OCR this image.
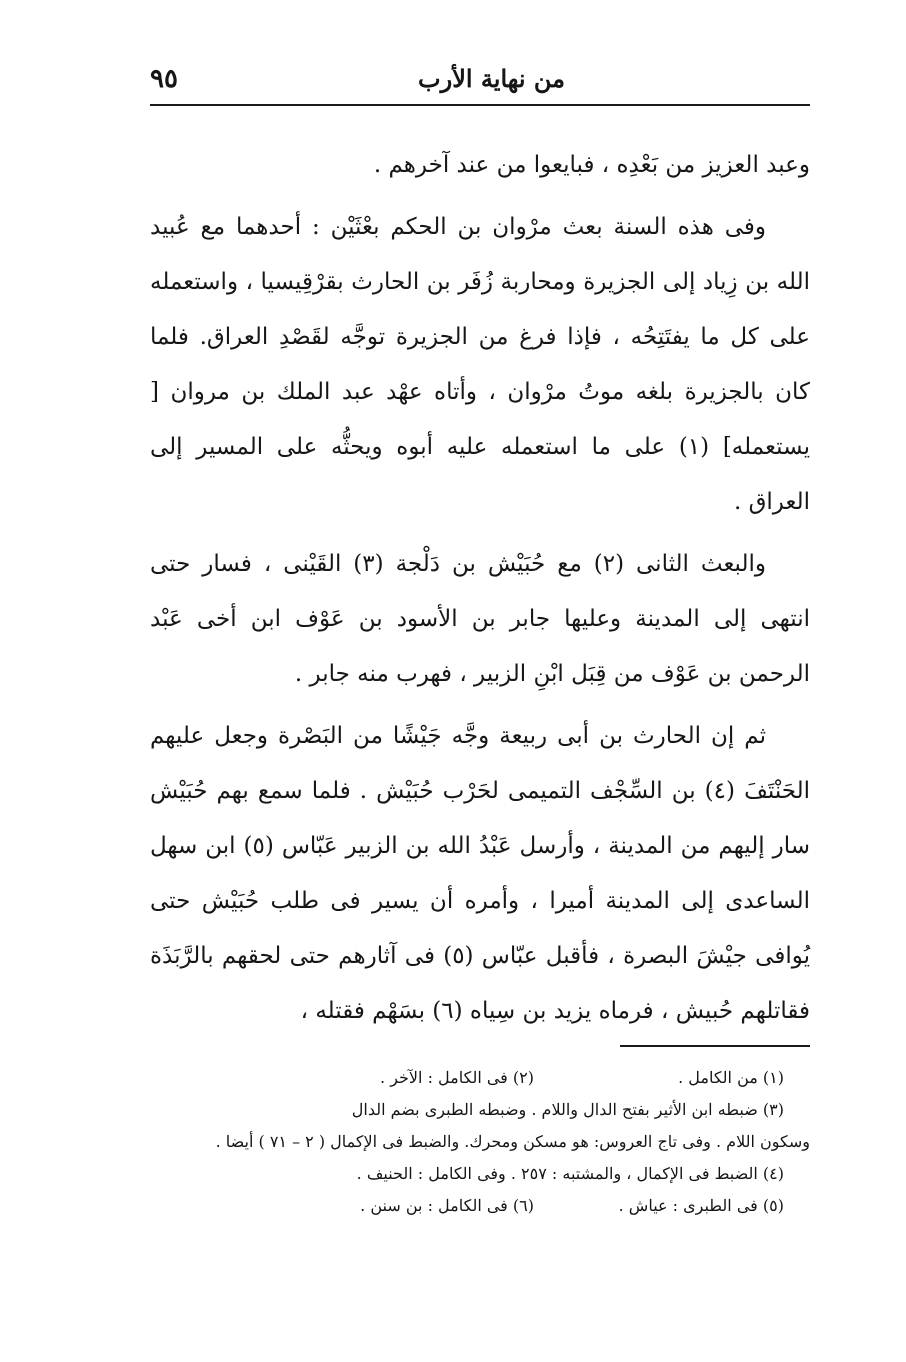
من نهاية الأرب
٩٥

وعبد العزيز من بَعْدِه ، فبايعوا من عند آخرهم .

وفى هذه السنة بعث مرْوان بن الحكم بعْثَيْن : أحدهما مع عُبيد الله بن زِياد إلى الجزيرة ومحاربة زُفَر بن الحارث بقرْقِيسيا ، واستعمله على كل ما يفتَتِحُه ، فإذا فرغ من الجزيرة توجَّه لقَصْدِ العراق. فلما كان بالجزيرة بلغه موتُ مرْوان ، وأتاه عهْد عبد الملك بن مروان [ يستعمله] (١) على ما استعمله عليه أبوه ويحثُّه على المسير إلى العراق .

والبعث الثانى (٢) مع حُبَيْش بن دَلْجة (٣) القَيْنى ، فسار حتى انتهى إلى المدينة وعليها جابر بن الأسود بن عَوْف ابن أخى عَبْد الرحمن بن عَوْف من قِبَل ابْنِ الزبير ، فهرب منه جابر .

ثم إن الحارث بن أبى ربيعة وجَّه جَيْشًا من البَصْرة وجعل عليهم الحَنْتَفَ (٤) بن السِّجْف التميمى لحَرْب حُبَيْش . فلما سمع بهم حُبَيْش سار إليهم من المدينة ، وأرسل عَبْدُ الله بن الزبير عَبّاس (٥) ابن سهل الساعدى إلى المدينة أميرا ، وأمره أن يسير فى طلب حُبَيْش حتى يُوافى جيْشَ البصرة ، فأقبل عبّاس (٥) فى آثارهم حتى لحقهم بالرَّبَذَة فقاتلهم حُبيش ، فرماه يزيد بن سِياه (٦) بسَهْم فقتله ،

(١) من الكامل .
(٢) فى الكامل : الآخر .
(٣) ضبطه ابن الأثير بفتح الدال واللام . وضبطه الطبرى بضم الدال
وسكون اللام . وفى تاج العروس: هو مسكن ومحرك. والضبط فى الإكمال ( ٢ – ٧١ ) أيضا .
(٤) الضبط فى الإكمال ، والمشتبه : ٢٥٧ . وفى الكامل : الحنيف .
(٥) فى الطبرى : عياش .
(٦) فى الكامل : بن سنن .
